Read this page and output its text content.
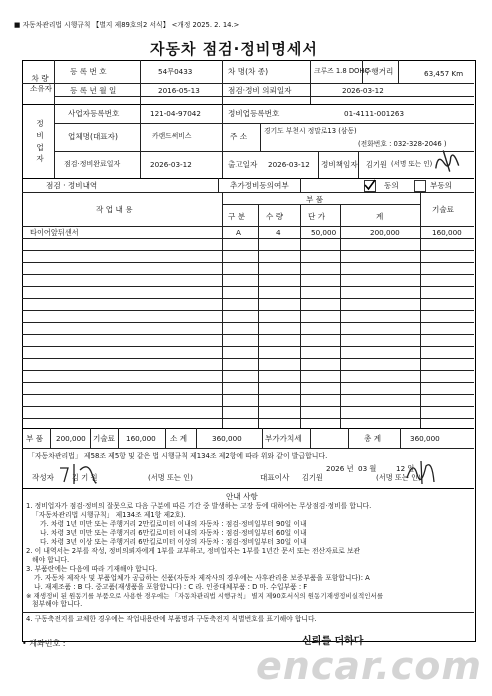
■ 자동차관리법 시행규칙 【별지 제89호의2 서식】 <개정 2025. 2. 14.>
자동차 점검·정비명세서
차 량
소유자
등 록 번 호	54무0433	차 명(차 종)	크루즈 1.8 DOHC
주행거리	63,457 Km
등 록 년 월 일	2016-05-13	점검·정비 의뢰일자	2026-03-12
정
비
업
자
사업자등록번호	121-04-97042	정비업등록번호	01-4111-001263
업체명(대표자)	카랜드써비스	주 소
경기도 부천시 정말로13 (삼동)
(전화번호 : 032-328-2046 )
점검·정비완료일자	2026-03-12	출고일자 2026-03-12 정비책임자 김기원 (서명 또는 인)
점검 · 정비내역	추가정비동의여부	동의	부동의
작 업 내 용
부 품
구 분	수 량	단 가	계
기술료
타이어앞뒤센서	A	4	50,000	200,000	160,000
부 품 200,000 기술료 160,000 소 계	360,000	부가가치세	총 계	360,000
「자동차관리법」 제58조 제5항 및 같은 법 시행규칙 제134조 제2항에 따라 위와 같이 발급합니다.
2026 년 03 월	12 일
작성자 김 기 원	(서명 또는 인)	대표이사 김기원	(서명 또는 인)
안내 사항
1. 정비업자가 점검·정비의 잘못으로 다음 구분에 따른 기간 중 발생하는 고장 등에 대하여는 무상점검·정비를 합니다.
「자동차관리법 시행규칙」 제134조 제1항 제2호).
가. 차령 1년 미만 또는 주행거리 2만킬로미터 이내의 자동차 : 점검·정비일부터 90일 이내
나. 차령 3년 미만 또는 주행거리 6만킬로미터 이내의 자동차 : 점검·정비일부터 60일 이내
다. 차령 3년 이상 또는 주행거리 6만킬로미터 이상의 자동차 : 점검·정비일부터 30일 이내
2. 이 내역서는 2부를 작성, 정비의뢰자에게 1부를 교부하고, 정비업자는 1부를 1년간 문서 또는 전산자료로 보관
해야 합니다.
3. 부품란에는 다음에 따라 기재해야 합니다.
가. 자동차 제작사 및 부품업체가 공급하는 신품(자동차 제작사의 경우에는 사후관리용 보증부품을 포함합니다): A
나. 재제조품 : B 다. 중고품(재생품을 포함합니다) : C 라. 인증대체부품 : D 마. 수입부품 : F
※ 재생정비 된 원동기를 부품으로 사용한 경우에는 「자동차관리법 시행규칙」 별지 제90호서식의 원동기재생정비실적인서를
첨부해야 합니다.
4. 구동축전지를 교체한 경우에는 작업내용란에 부품명과 구동축전지 식별번호를 표기해야 합니다.
• 계좌번호 :	신뢰를 더하다
encar.com
